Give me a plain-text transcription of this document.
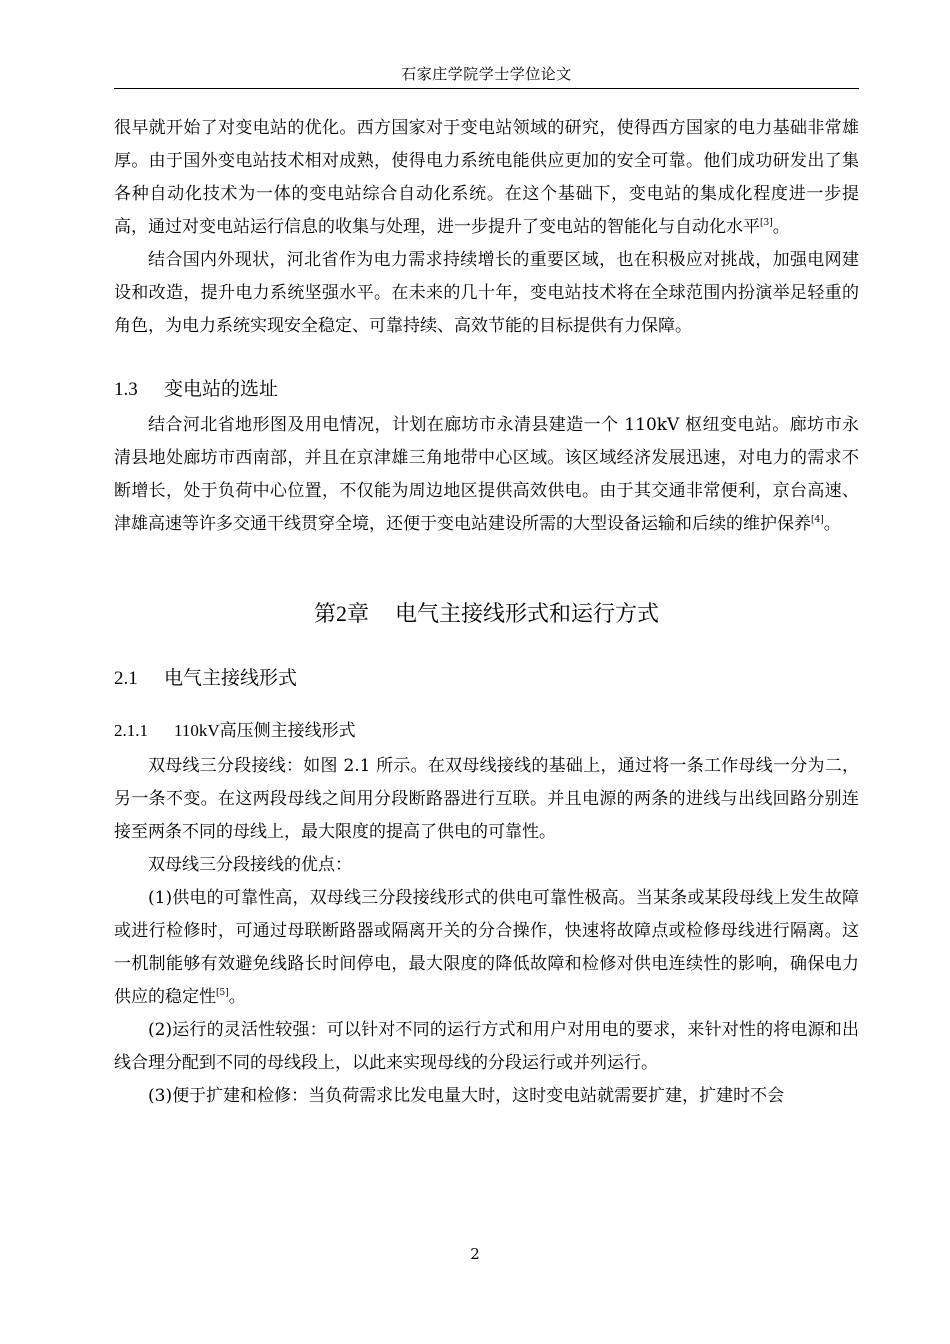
石家庄学院学士学位论文

很早就开始了对变电站的优化。西方国家对于变电站领域的研究，使得西方国家的电力基础非常雄厚。由于国外变电站技术相对成熟，使得电力系统电能供应更加的安全可靠。他们成功研发出了集各种自动化技术为一体的变电站综合自动化系统。在这个基础下，变电站的集成化程度进一步提高，通过对变电站运行信息的收集与处理，进一步提升了变电站的智能化与自动化水平[3]。

结合国内外现状，河北省作为电力需求持续增长的重要区域，也在积极应对挑战，加强电网建设和改造，提升电力系统坚强水平。在未来的几十年，变电站技术将在全球范围内扮演举足轻重的角色，为电力系统实现安全稳定、可靠持续、高效节能的目标提供有力保障。

1.3 变电站的选址

结合河北省地形图及用电情况，计划在廊坊市永清县建造一个 110kV 枢纽变电站。廊坊市永清县地处廊坊市西南部，并且在京津雄三角地带中心区域。该区域经济发展迅速，对电力的需求不断增长，处于负荷中心位置，不仅能为周边地区提供高效供电。由于其交通非常便利，京台高速、津雄高速等许多交通干线贯穿全境，还便于变电站建设所需的大型设备运输和后续的维护保养[4]。

第2章 电气主接线形式和运行方式
2.1 电气主接线形式
2.1.1 110kV高压侧主接线形式

双母线三分段接线：如图 2.1 所示。在双母线接线的基础上，通过将一条工作母线一分为二，另一条不变。在这两段母线之间用分段断路器进行互联。并且电源的两条的进线与出线回路分别连接至两条不同的母线上，最大限度的提高了供电的可靠性。

双母线三分段接线的优点：

(1)供电的可靠性高，双母线三分段接线形式的供电可靠性极高。当某条或某段母线上发生故障或进行检修时，可通过母联断路器或隔离开关的分合操作，快速将故障点或检修母线进行隔离。这一机制能够有效避免线路长时间停电，最大限度的降低故障和检修对供电连续性的影响，确保电力供应的稳定性[5]。

(2)运行的灵活性较强：可以针对不同的运行方式和用户对用电的要求，来针对性的将电源和出线合理分配到不同的母线段上，以此来实现母线的分段运行或并列运行。

(3)便于扩建和检修：当负荷需求比发电量大时，这时变电站就需要扩建，扩建时不会

2
